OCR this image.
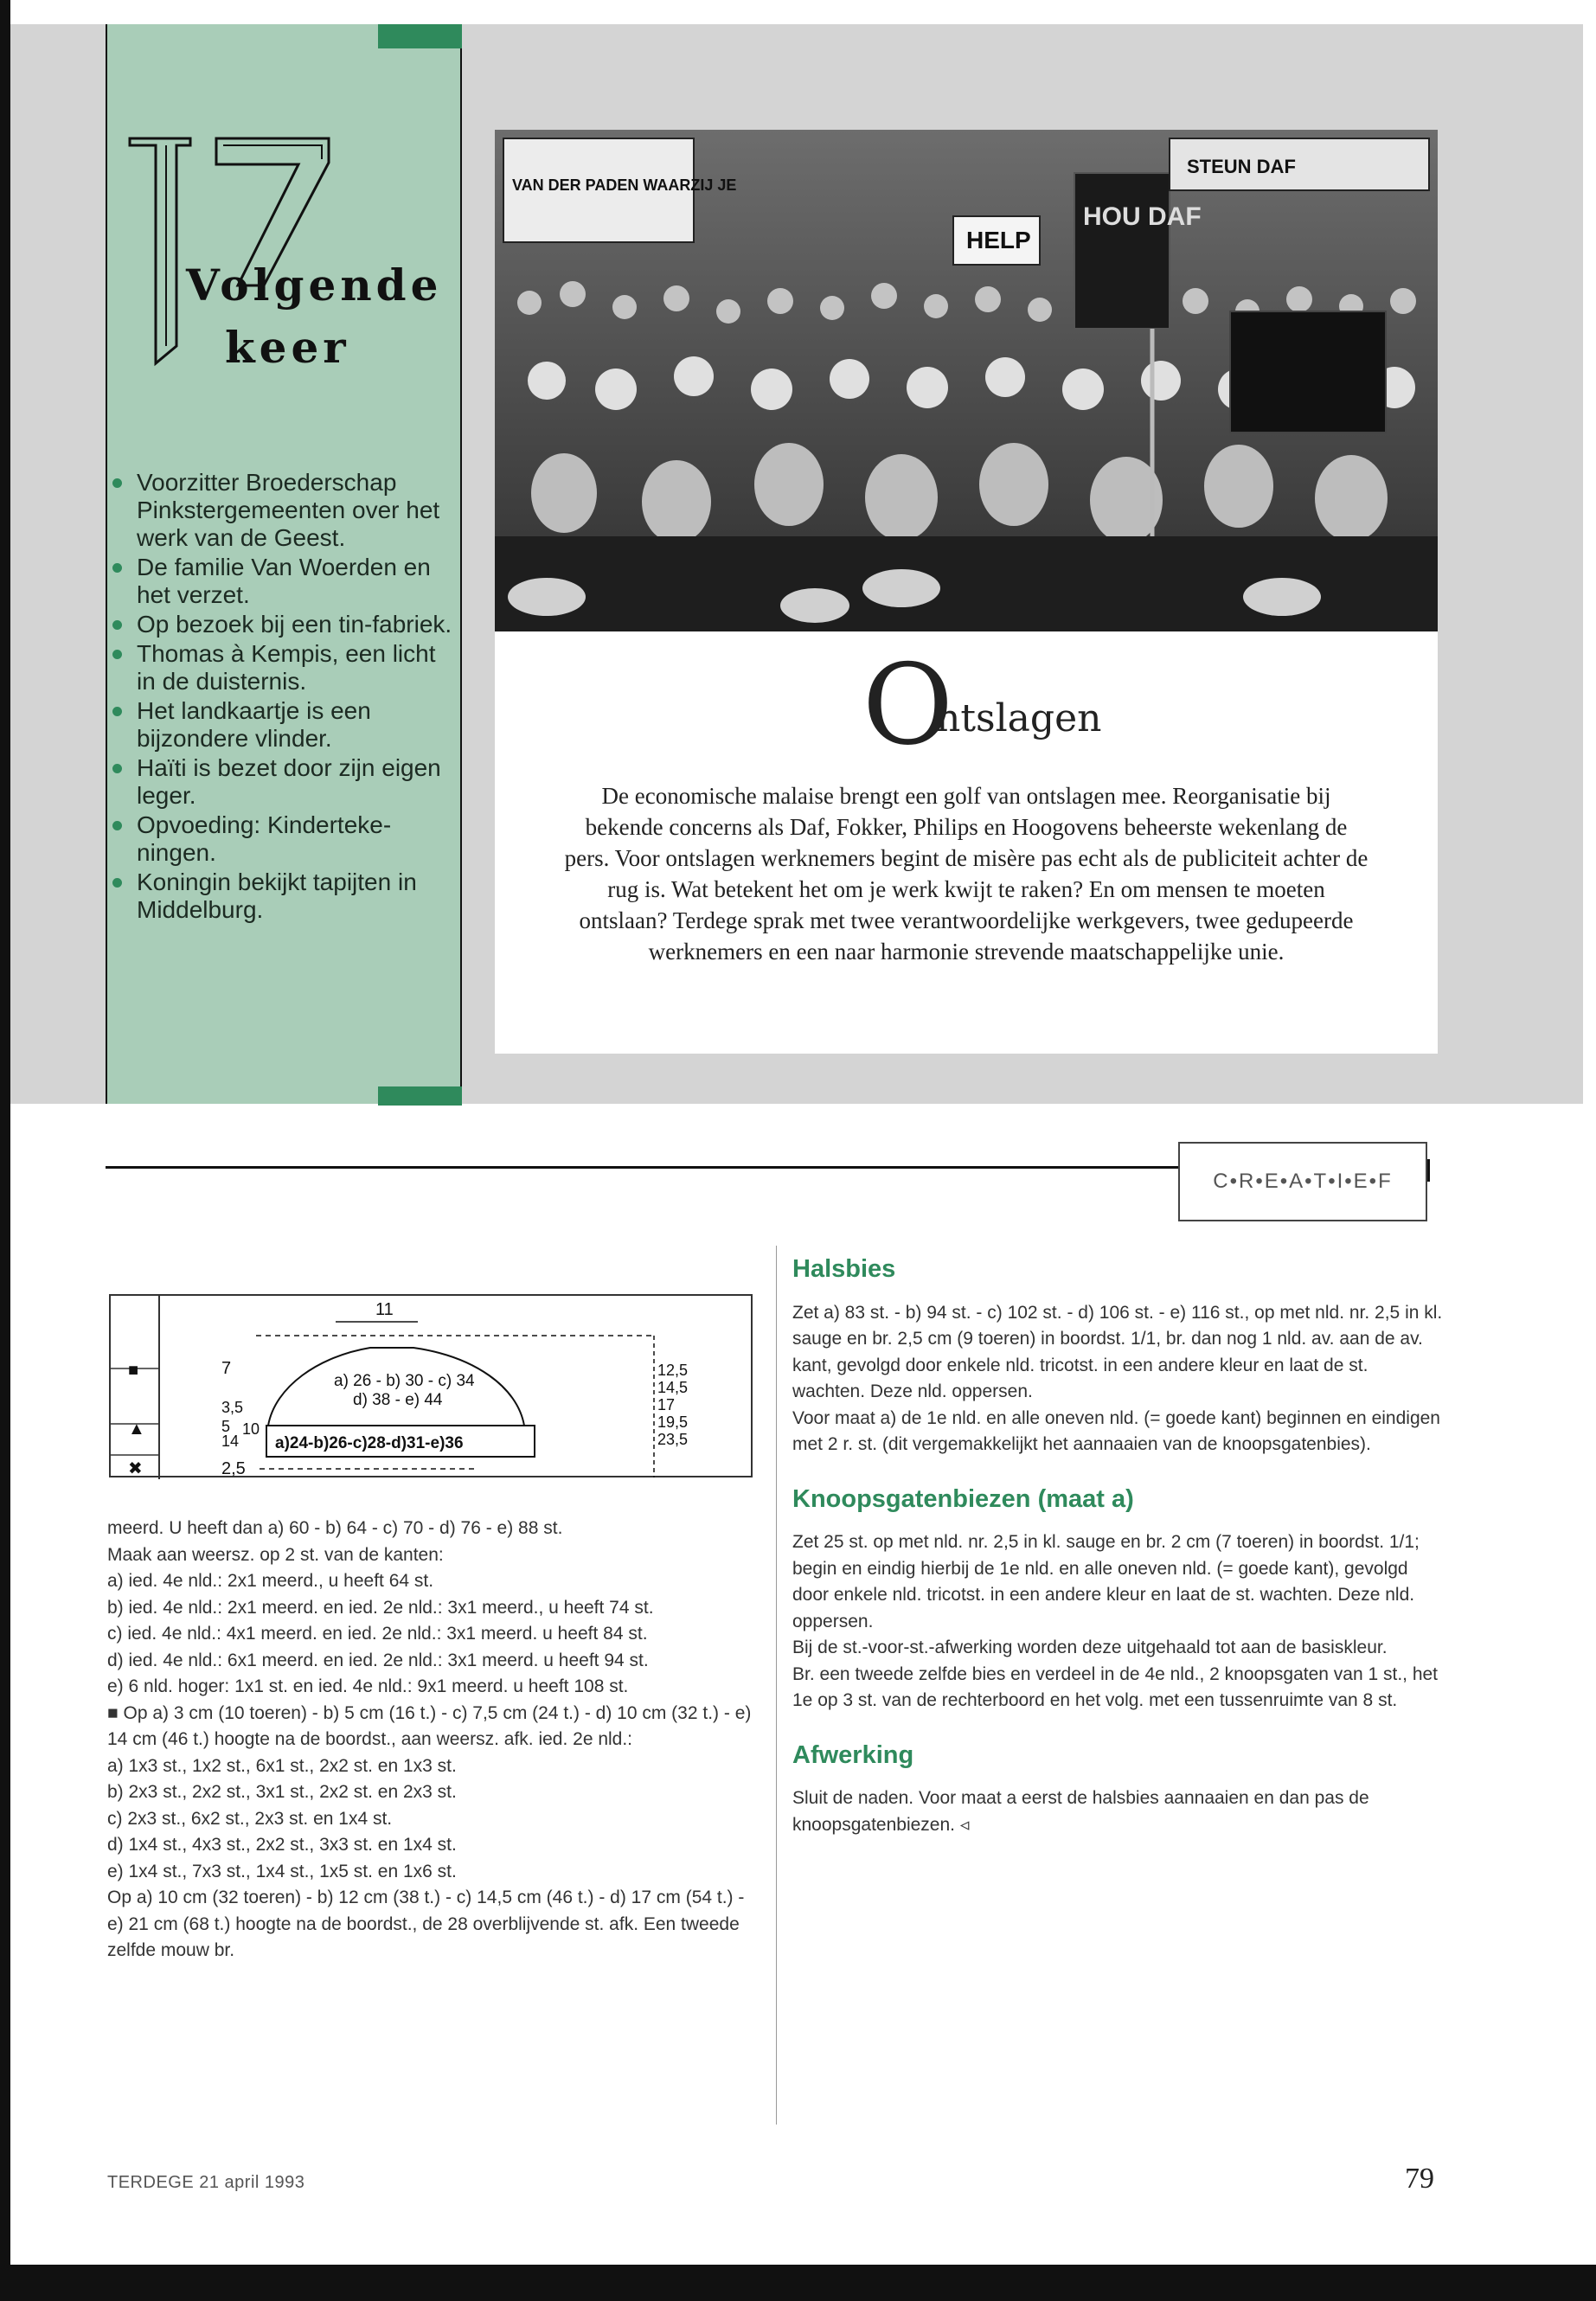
Volgende
keer
Voorzitter Broederschap Pinkstergemeenten over het werk van de Geest.
De familie Van Woerden en het verzet.
Op bezoek bij een tin-fabriek.
Thomas à Kempis, een licht in de duisternis.
Het landkaartje is een bijzondere vlinder.
Haïti is bezet door zijn eigen leger.
Opvoeding: Kinderteke-ningen.
Koningin bekijkt tapijten in Middelburg.
VAN DER PADEN WAARZIJ JE
HELP
HOU DAF
STEUN DAF
O
ntslagen
De economische malaise brengt een golf van ontslagen mee. Reorganisatie bij bekende concerns als Daf, Fokker, Philips en Hoogovens beheerste wekenlang de pers. Voor ontslagen werknemers begint de misère pas echt als de publiciteit achter de rug is. Wat betekent het om je werk kwijt te raken? En om mensen te moeten ontslaan? Terdege sprak met twee verantwoordelijke werkgevers, twee gedupeerde werknemers en een naar harmonie strevende maatschappelijke unie.
C•R•E•A•T•I•E•F
■
▲
✖
11
7
3,5
5
14
10
2,5
a) 26 - b) 30 - c) 34
d) 38 - e) 44
a)24-b)26-c)28-d)31-e)36
12,5
14,5
17
19,5
23,5

meerd. U heeft dan a) 60 - b) 64 - c) 70 - d) 76 - e) 88 st.

Maak aan weersz. op 2 st. van de kanten:

a) ied. 4e nld.: 2x1 meerd., u heeft 64 st.

b) ied. 4e nld.: 2x1 meerd. en ied. 2e nld.: 3x1 meerd., u heeft 74 st.

c) ied. 4e nld.: 4x1 meerd. en ied. 2e nld.: 3x1 meerd. u heeft 84 st.

d) ied. 4e nld.: 6x1 meerd. en ied. 2e nld.: 3x1 meerd. u heeft 94 st.

e) 6 nld. hoger: 1x1 st. en ied. 4e nld.: 9x1 meerd. u heeft 108 st.

■ Op a) 3 cm (10 toeren) - b) 5 cm (16 t.) - c) 7,5 cm (24 t.) - d) 10 cm (32 t.) - e) 14 cm (46 t.) hoogte na de boordst., aan weersz. afk. ied. 2e nld.:

a) 1x3 st., 1x2 st., 6x1 st., 2x2 st. en 1x3 st.

b) 2x3 st., 2x2 st., 3x1 st., 2x2 st. en 2x3 st.

c) 2x3 st., 6x2 st., 2x3 st. en 1x4 st.

d) 1x4 st., 4x3 st., 2x2 st., 3x3 st. en 1x4 st.

e) 1x4 st., 7x3 st., 1x4 st., 1x5 st. en 1x6 st.

Op a) 10 cm (32 toeren) - b) 12 cm (38 t.) - c) 14,5 cm (46 t.) - d) 17 cm (54 t.) - e) 21 cm (68 t.) hoogte na de boordst., de 28 overblijvende st. afk. Een tweede zelfde mouw br.

Halsbies

Zet a) 83 st. - b) 94 st. - c) 102 st. - d) 106 st. - e) 116 st., op met nld. nr. 2,5 in kl. sauge en br. 2,5 cm (9 toeren) in boordst. 1/1, br. dan nog 1 nld. av. aan de av. kant, gevolgd door enkele nld. tricotst. in een andere kleur en laat de st. wachten. Deze nld. oppersen.

Voor maat a) de 1e nld. en alle oneven nld. (= goede kant) beginnen en eindigen met 2 r. st. (dit vergemakkelijkt het aannaaien van de knoopsgatenbies).

Knoopsgatenbiezen (maat a)

Zet 25 st. op met nld. nr. 2,5 in kl. sauge en br. 2 cm (7 toeren) in boordst. 1/1; begin en eindig hierbij de 1e nld. en alle oneven nld. (= goede kant), gevolgd door enkele nld. tricotst. in een andere kleur en laat de st. wachten. Deze nld. oppersen.

Bij de st.-voor-st.-afwerking worden deze uitgehaald tot aan de basiskleur.

Br. een tweede zelfde bies en verdeel in de 4e nld., 2 knoopsgaten van 1 st., het 1e op 3 st. van de rechterboord en het volg. met een tussenruimte van 8 st.

Afwerking

Sluit de naden. Voor maat a eerst de halsbies aannaaien en dan pas de knoopsgatenbiezen. ◃

TERDEGE 21 april 1993	79
